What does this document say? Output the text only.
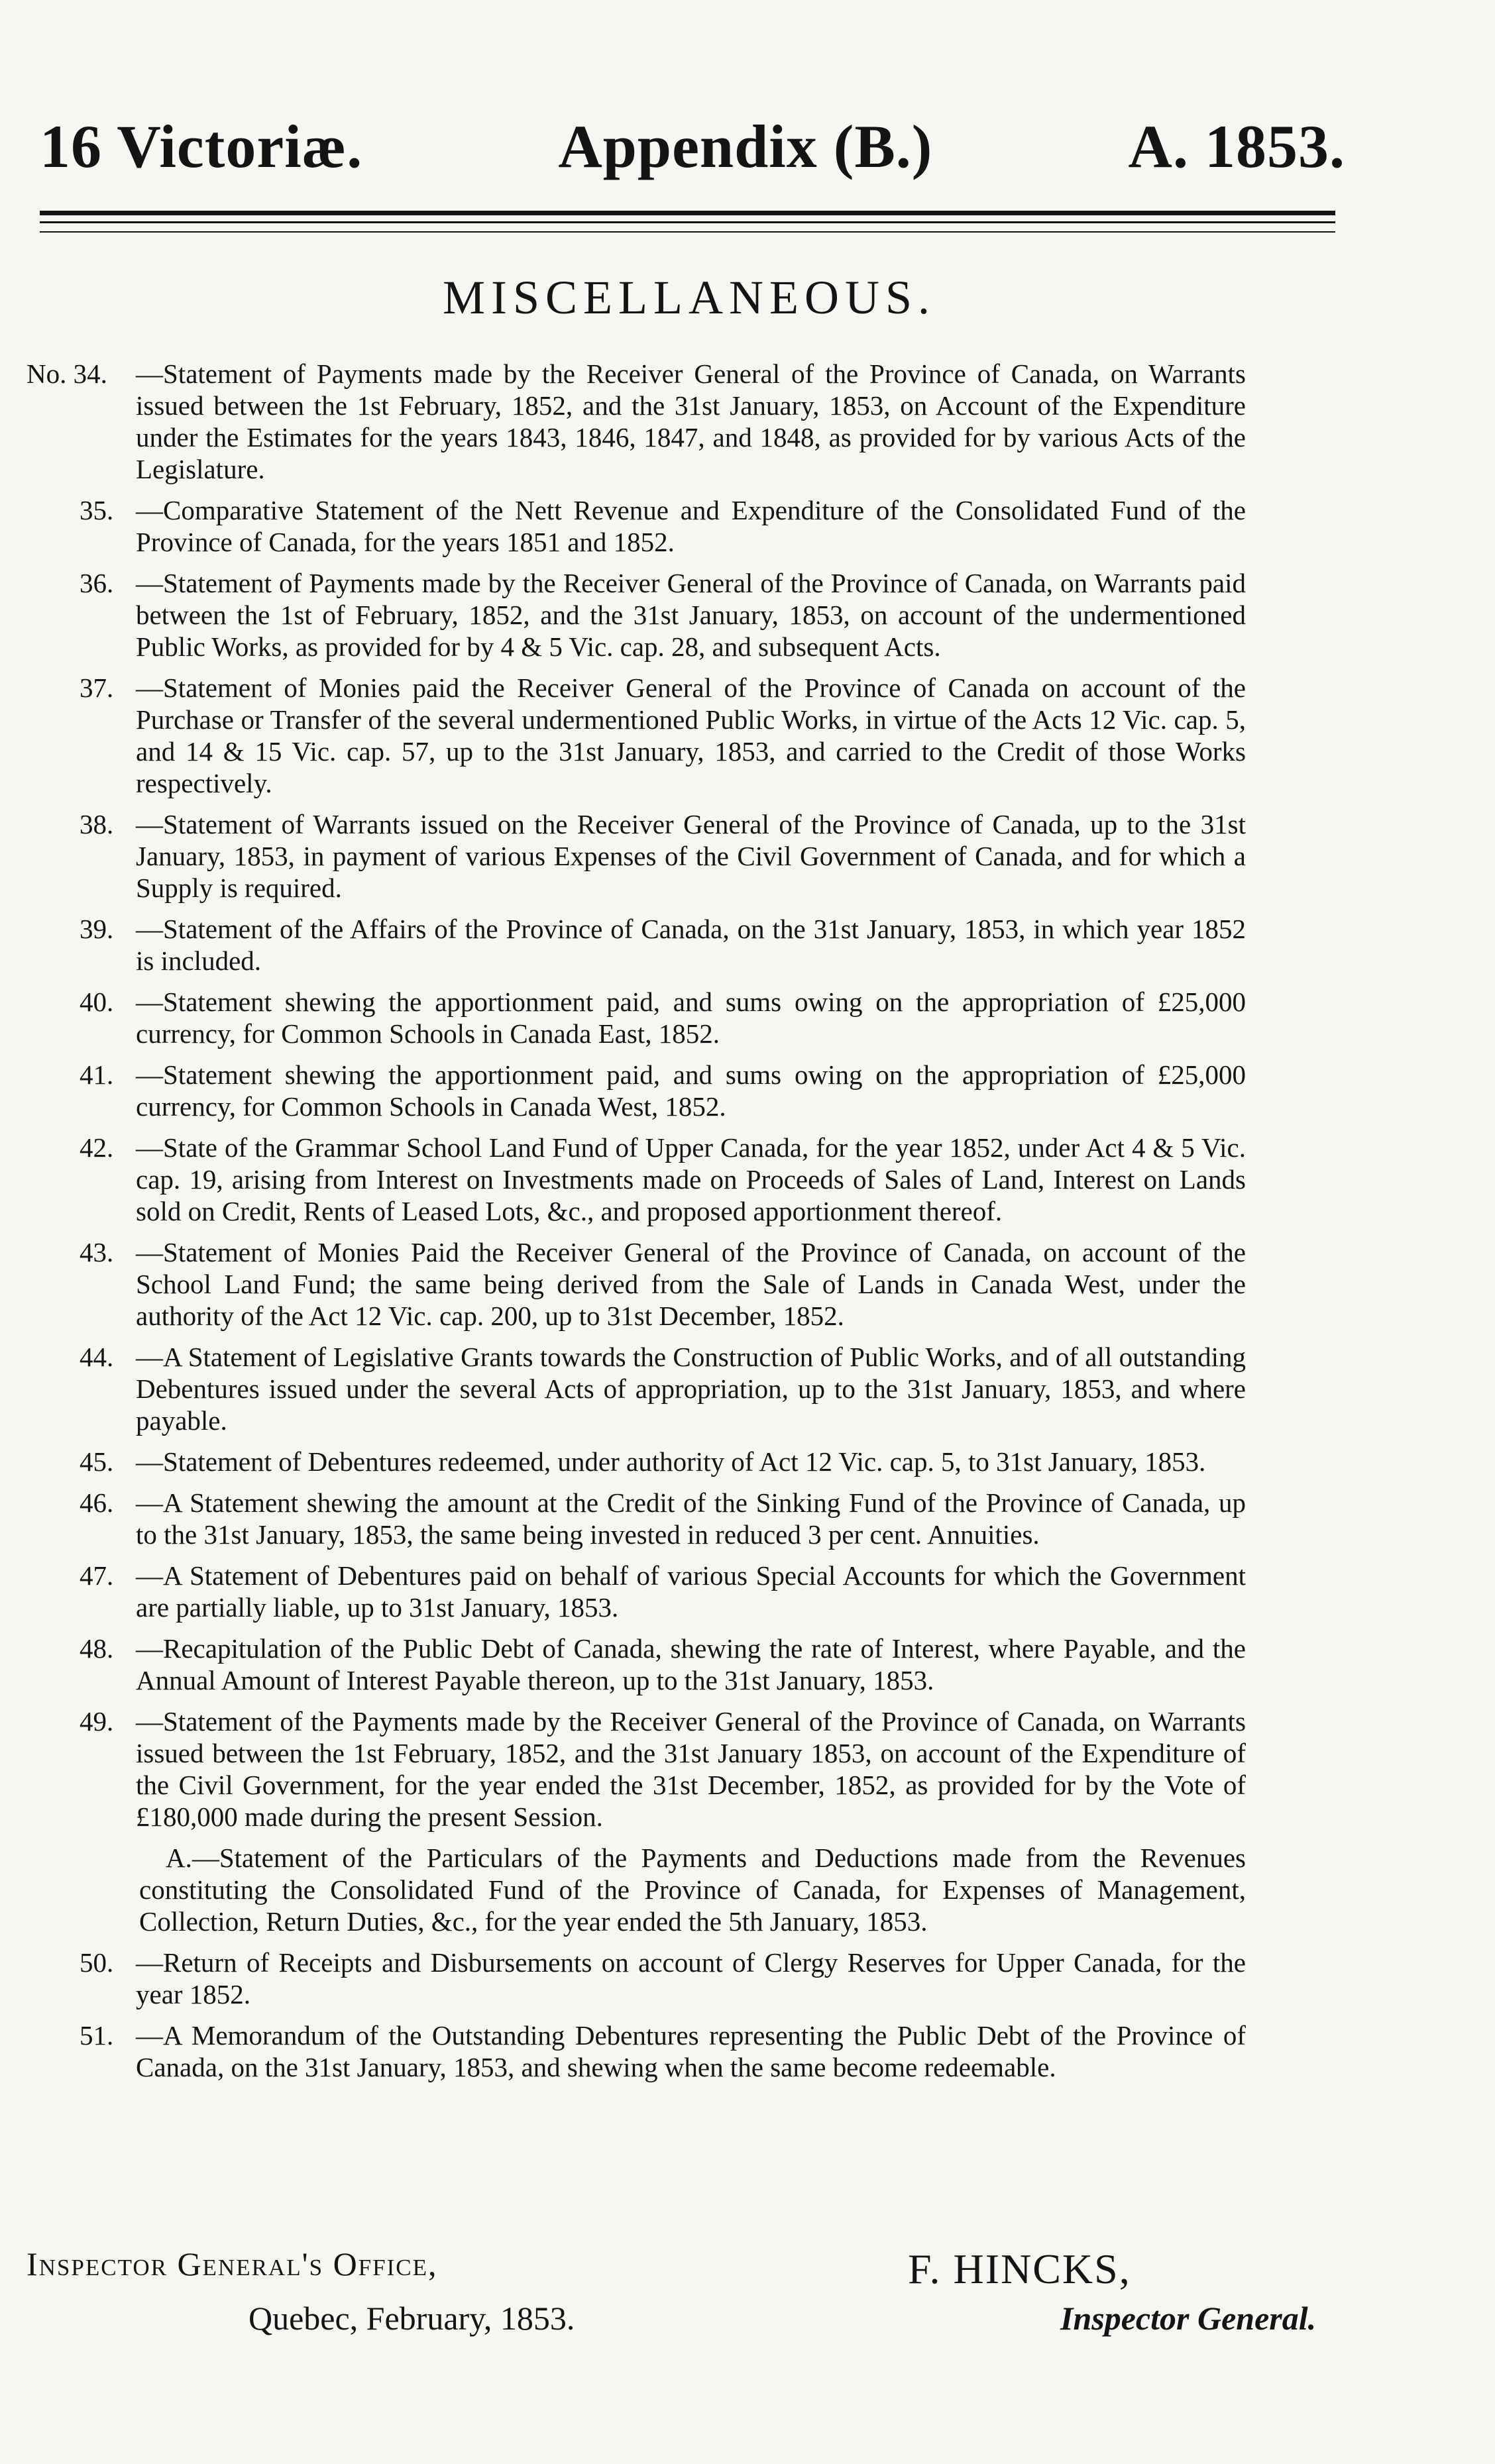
16 Victoriæ.	Appendix (B.)	A. 1853.
MISCELLANEOUS.
No. 34. —Statement of Payments made by the Receiver General of the Province of Canada, on Warrants issued between the 1st February, 1852, and the 31st January, 1853, on Account of the Expenditure under the Estimates for the years 1843, 1846, 1847, and 1848, as provided for by various Acts of the Legislature.
35. —Comparative Statement of the Nett Revenue and Expenditure of the Consolidated Fund of the Province of Canada, for the years 1851 and 1852.
36. —Statement of Payments made by the Receiver General of the Province of Canada, on Warrants paid between the 1st of February, 1852, and the 31st January, 1853, on account of the undermentioned Public Works, as provided for by 4 & 5 Vic. cap. 28, and subsequent Acts.
37. —Statement of Monies paid the Receiver General of the Province of Canada on account of the Purchase or Transfer of the several undermentioned Public Works, in virtue of the Acts 12 Vic. cap. 5, and 14 & 15 Vic. cap. 57, up to the 31st January, 1853, and carried to the Credit of those Works respectively.
38. —Statement of Warrants issued on the Receiver General of the Province of Canada, up to the 31st January, 1853, in payment of various Expenses of the Civil Government of Canada, and for which a Supply is required.
39. —Statement of the Affairs of the Province of Canada, on the 31st January, 1853, in which year 1852 is included.
40. —Statement shewing the apportionment paid, and sums owing on the appropriation of £25,000 currency, for Common Schools in Canada East, 1852.
41. —Statement shewing the apportionment paid, and sums owing on the appropriation of £25,000 currency, for Common Schools in Canada West, 1852.
42. —State of the Grammar School Land Fund of Upper Canada, for the year 1852, under Act 4 & 5 Vic. cap. 19, arising from Interest on Investments made on Proceeds of Sales of Land, Interest on Lands sold on Credit, Rents of Leased Lots, &c., and proposed apportionment thereof.
43. —Statement of Monies Paid the Receiver General of the Province of Canada, on account of the School Land Fund; the same being derived from the Sale of Lands in Canada West, under the authority of the Act 12 Vic. cap. 200, up to 31st December, 1852.
44. —A Statement of Legislative Grants towards the Construction of Public Works, and of all outstanding Debentures issued under the several Acts of appropriation, up to the 31st January, 1853, and where payable.
45. —Statement of Debentures redeemed, under authority of Act 12 Vic. cap. 5, to 31st January, 1853.
46. —A Statement shewing the amount at the Credit of the Sinking Fund of the Province of Canada, up to the 31st January, 1853, the same being invested in reduced 3 per cent. Annuities.
47. —A Statement of Debentures paid on behalf of various Special Accounts for which the Government are partially liable, up to 31st January, 1853.
48. —Recapitulation of the Public Debt of Canada, shewing the rate of Interest, where Payable, and the Annual Amount of Interest Payable thereon, up to the 31st January, 1853.
49. —Statement of the Payments made by the Receiver General of the Province of Canada, on Warrants issued between the 1st February, 1852, and the 31st January 1853, on account of the Expenditure of the Civil Government, for the year ended the 31st December, 1852, as provided for by the Vote of £180,000 made during the present Session.
A.—Statement of the Particulars of the Payments and Deductions made from the Revenues constituting the Consolidated Fund of the Province of Canada, for Expenses of Management, Collection, Return Duties, &c., for the year ended the 5th January, 1853.
50. —Return of Receipts and Disbursements on account of Clergy Reserves for Upper Canada, for the year 1852.
51. —A Memorandum of the Outstanding Debentures representing the Public Debt of the Province of Canada, on the 31st January, 1853, and shewing when the same become redeemable.
Inspector General's Office,
Quebec, February, 1853.
F. HINCKS,
Inspector General.
